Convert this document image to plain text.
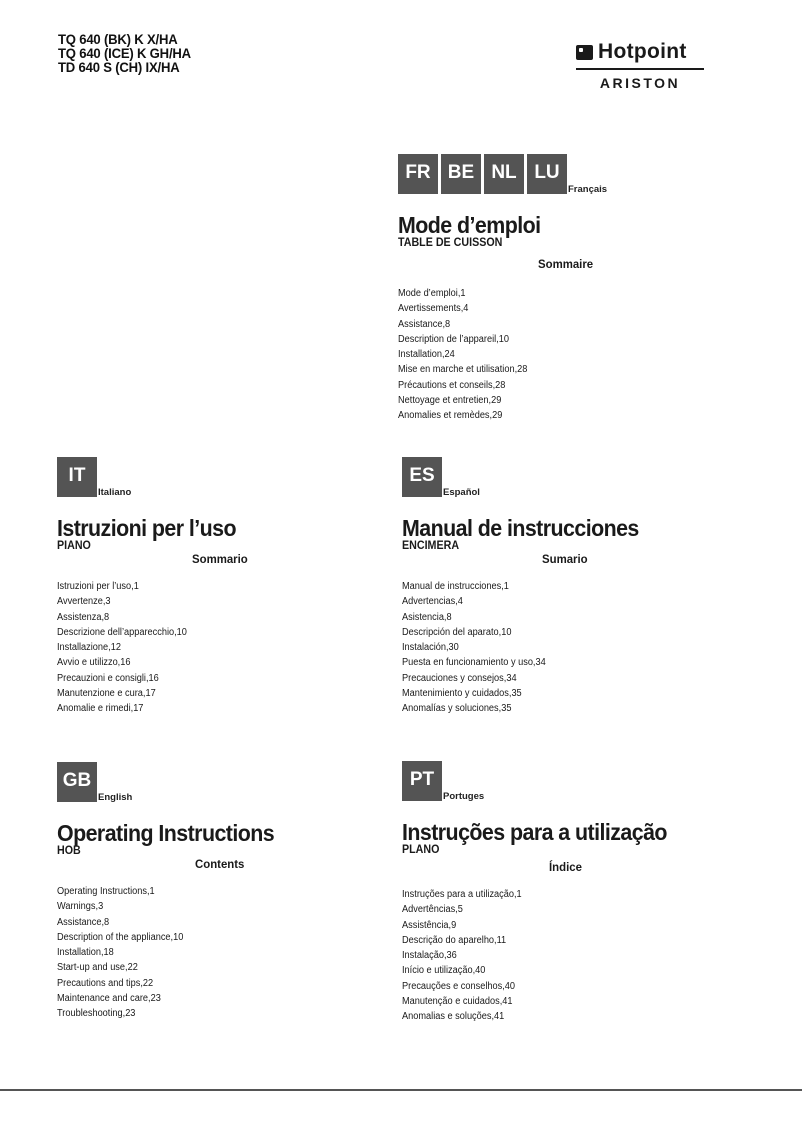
TQ 640 (BK) K X/HA
TQ 640 (ICE) K GH/HA
TD 640 S (CH) IX/HA
Hotpoint
ARISTON
FR BE NL LU
Français
Mode d’emploi
TABLE DE CUISSON
Sommaire
Mode d’emploi,1
Avertissements,4
Assistance,8
Description de l’appareil,10
Installation,24
Mise en marche et utilisation,28
Précautions et conseils,28
Nettoyage et entretien,29
Anomalies et remèdes,29
IT
Italiano
Istruzioni per l’uso
PIANO
Sommario
Istruzioni per l’uso,1
Avvertenze,3
Assistenza,8
Descrizione dell’apparecchio,10
Installazione,12
Avvio e utilizzo,16
Precauzioni e consigli,16
Manutenzione e cura,17
Anomalie e rimedi,17
ES
Español
Manual de instrucciones
ENCIMERA
Sumario
Manual de instrucciones,1
Advertencias,4
Asistencia,8
Descripción del aparato,10
Instalación,30
Puesta en funcionamiento y uso,34
Precauciones y consejos,34
Mantenimiento y cuidados,35
Anomalías y soluciones,35
GB
English
Operating Instructions
HOB
Contents
Operating Instructions,1
Warnings,3
Assistance,8
Description of the appliance,10
Installation,18
Start-up and use,22
Precautions and tips,22
Maintenance and care,23
Troubleshooting,23
PT
Portuges
Instruções para a utilização
PLANO
Índice
Instruções para a utilização,1
Advertências,5
Assistência,9
Descrição do aparelho,11
Instalação,36
Início e utilização,40
Precauções e conselhos,40
Manutenção e cuidados,41
Anomalias e soluções,41
